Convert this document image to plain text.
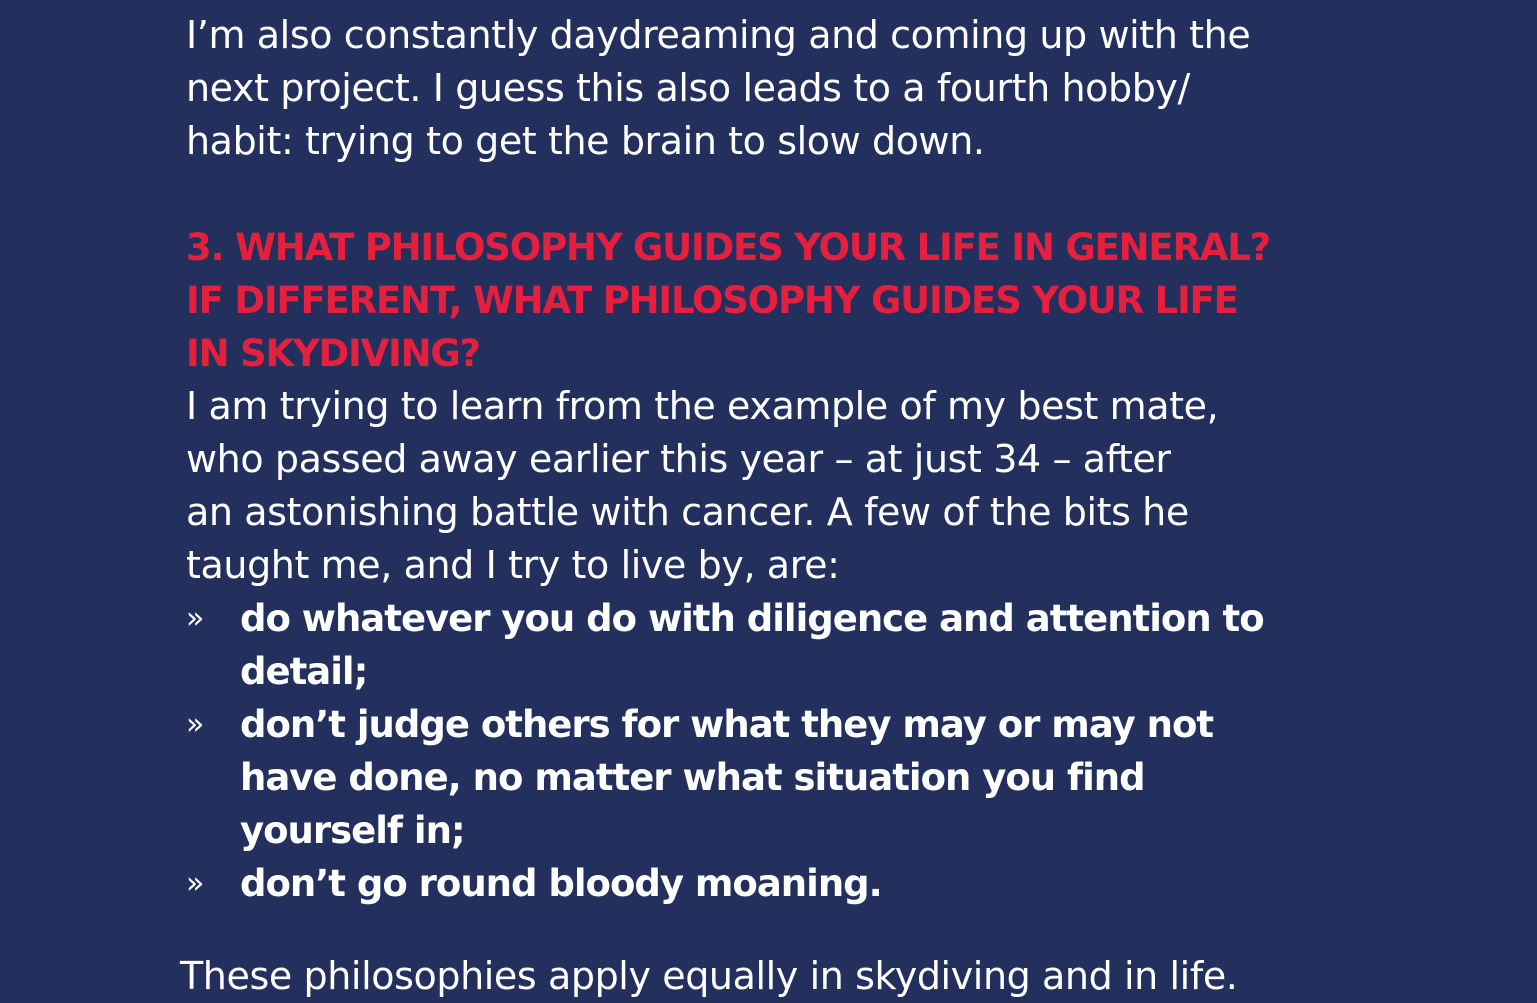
I’m also constantly daydreaming and coming up with the
next project. I guess this also leads to a fourth hobby/
habit: trying to get the brain to slow down.

3. WHAT PHILOSOPHY GUIDES YOUR LIFE IN GENERAL?
IF DIFFERENT, WHAT PHILOSOPHY GUIDES YOUR LIFE
IN SKYDIVING?

I am trying to learn from the example of my best mate,
who passed away earlier this year – at just 34 – after
an astonishing battle with cancer. A few of the bits he
taught me, and I try to live by, are:

» do whatever you do with diligence and attention to
detail;
» don’t judge others for what they may or may not
have done, no matter what situation you find
yourself in;
» don’t go round bloody moaning.
These philosophies apply equally in skydiving and in life.
